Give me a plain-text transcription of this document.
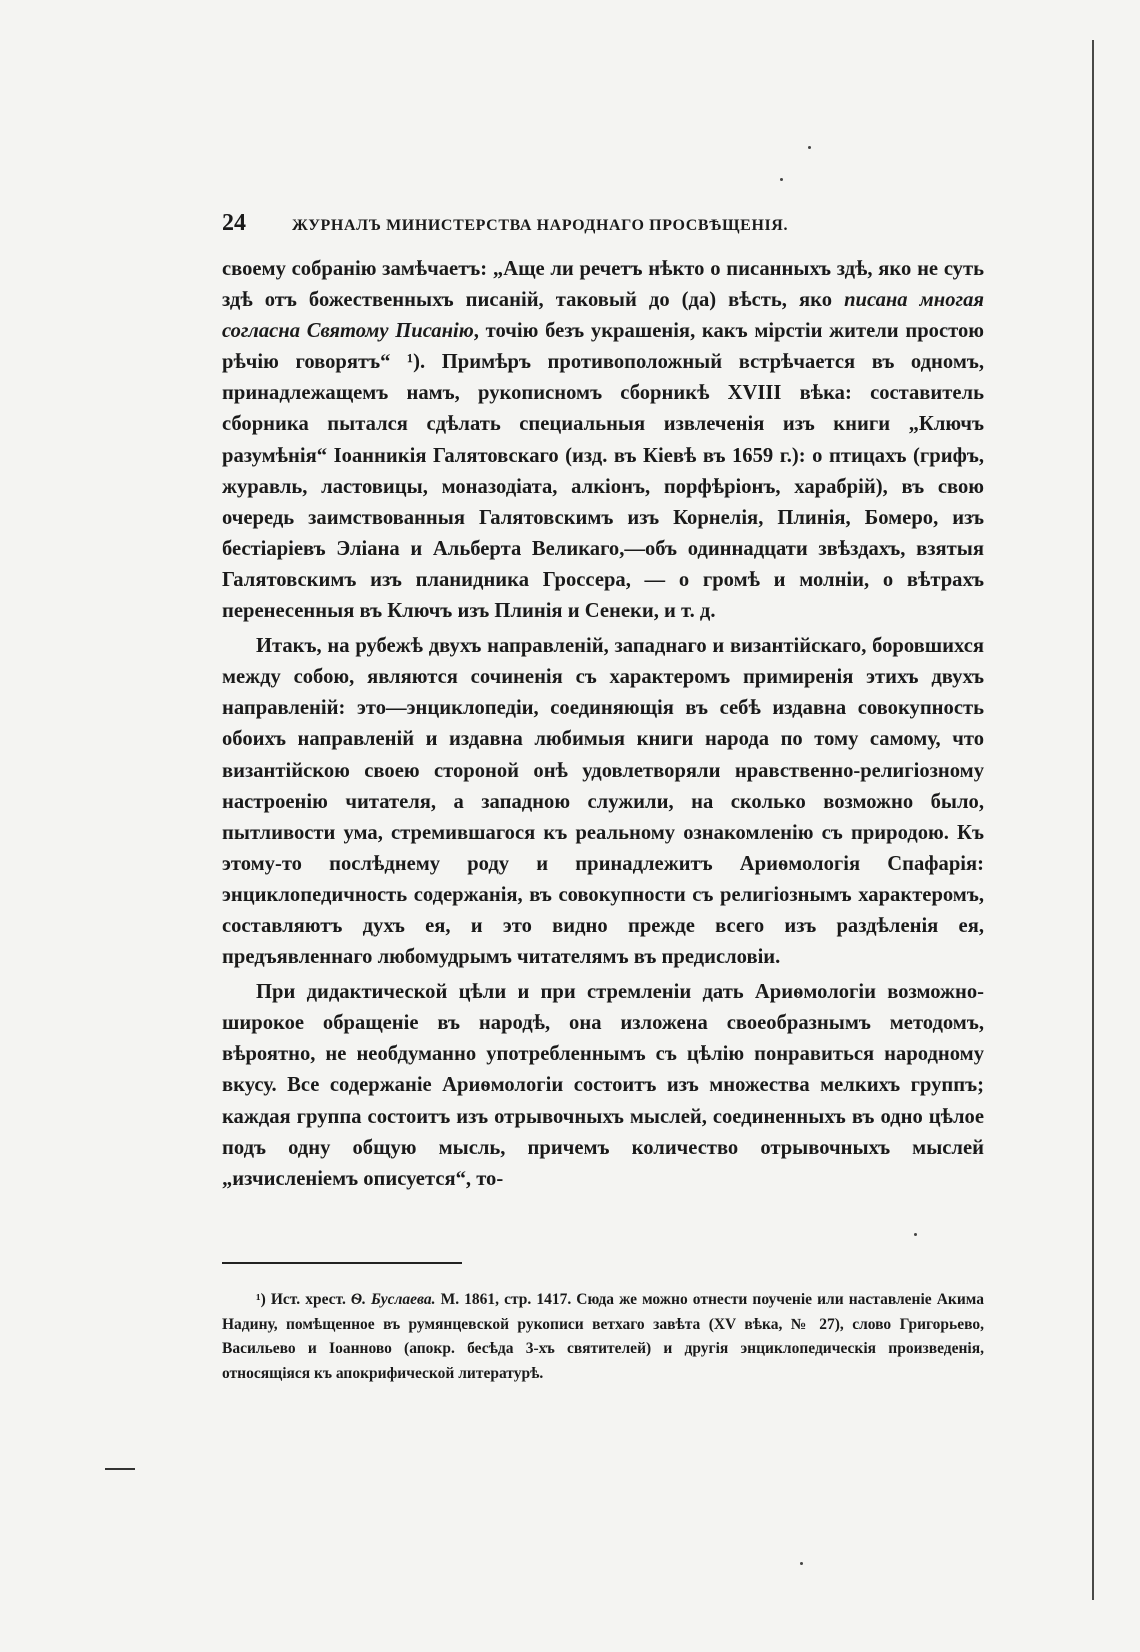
24	ЖУРНАЛЪ МИНИСТЕРСТВА НАРОДНАГО ПРОСВѢЩЕНІЯ.

своему собранію замѣчаетъ: „Аще ли речетъ нѣкто о писанныхъ здѣ, яко не суть здѣ отъ божественныхъ писаній, таковый до (да) вѣсть, яко писана многая согласна Святому Писанію, точію безъ украшенія, какъ мірстіи жители простою рѣчію говорятъ“ ¹). Примѣръ противоположный встрѣчается въ одномъ, принадлежащемъ намъ, рукописномъ сборникѣ XVIII вѣка: составитель сборника пытался сдѣлать специальныя извлеченія изъ книги „Ключъ разумѣнія“ Іоанникія Галятовскаго (изд. въ Кіевѣ въ 1659 г.): о птицахъ (грифъ, журавль, ластовицы, моназодіата, алкіонъ, порфѣріонъ, харабрій), въ свою очередь заимствованныя Галятовскимъ изъ Корнелія, Плинія, Бомеро, изъ бестіаріевъ Эліана и Альберта Великаго,—объ одиннадцати звѣздахъ, взятыя Галятовскимъ изъ планидника Гроссера, — о громѣ и молніи, о вѣтрахъ перенесенныя въ Ключъ изъ Плинія и Сенеки, и т. д.

Итакъ, на рубежѣ двухъ направленій, западнаго и византійскаго, боровшихся между собою, являются сочиненія съ характеромъ примиренія этихъ двухъ направленій: это—энциклопедіи, соединяющія въ себѣ издавна совокупность обоихъ направленій и издавна любимыя книги народа по тому самому, что византійскою своею стороной онѣ удовлетворяли нравственно-религіозному настроенію читателя, а западною служили, на сколько возможно было, пытливости ума, стремившагося къ реальному ознакомленію съ природою. Къ этому-то послѣднему роду и принадлежитъ Ариѳмологія Спафарія: энциклопедичность содержанія, въ совокупности съ религіознымъ характеромъ, составляютъ духъ ея, и это видно прежде всего изъ раздѣленія ея, предъявленнаго любомудрымъ читателямъ въ предисловіи.

При дидактической цѣли и при стремленіи дать Ариѳмологіи возможно-широкое обращеніе въ народѣ, она изложена своеобразнымъ методомъ, вѣроятно, не необдуманно употребленнымъ съ цѣлію понравиться народному вкусу. Все содержаніе Ариѳмологіи состоитъ изъ множества мелкихъ группъ; каждая группа состоитъ изъ отрывочныхъ мыслей, соединенныхъ въ одно цѣлое подъ одну общую мысль, причемъ количество отрывочныхъ мыслей „изчисленіемъ описуется“, то-

¹) Ист. хрест. Ѳ. Буслаева. М. 1861, стр. 1417. Сюда же можно отнести поученіе или наставленіе Акима Надину, помѣщенное въ румянцевской рукописи ветхаго завѣта (XV вѣка, № 27), слово Григорьево, Васильево и Іоанново (апокр. бесѣда 3-хъ святителей) и другія энциклопедическія произведенія, относящіяся къ апокрифической литературѣ.
